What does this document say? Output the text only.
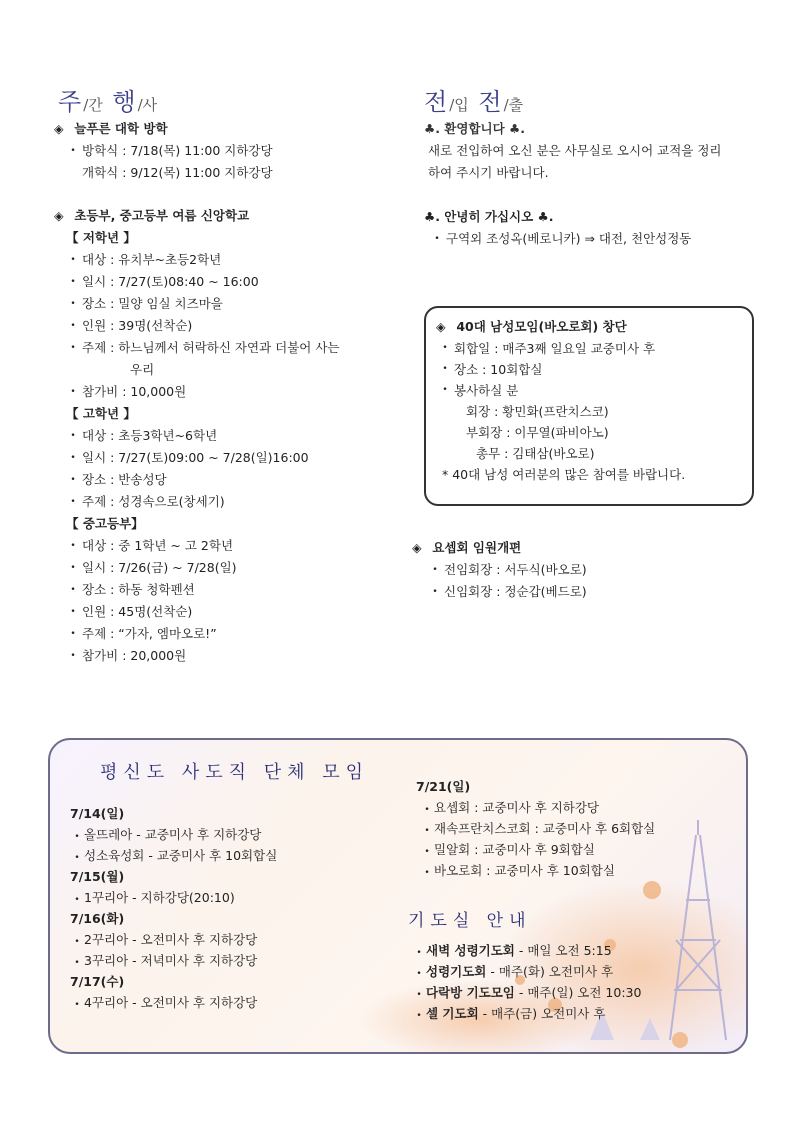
주/간 행/사
◈ 늘푸른 대학 방학
• 방학식 : 7/18(목) 11:00 지하강당
개학식 : 9/12(목) 11:00 지하강당
◈ 초등부, 중고등부 여름 신앙학교
【 저학년 】
• 대상 : 유치부~초등2학년
• 일시 : 7/27(토)08:40 ~ 16:00
• 장소 : 밀양 임실 치즈마을
• 인원 : 39명(선착순)
• 주제 : 하느님께서 허락하신 자연과 더불어 사는
우리
• 참가비 : 10,000원
【 고학년 】
• 대상 : 초등3학년~6학년
• 일시 : 7/27(토)09:00 ~ 7/28(일)16:00
• 장소 : 반송성당
• 주제 : 성경속으로(창세기)
【 중고등부】
• 대상 : 중 1학년 ~ 고 2학년
• 일시 : 7/26(금) ~ 7/28(일)
• 장소 : 하동 청학펜션
• 인원 : 45명(선착순)
• 주제 : “가자, 엠마오로!”
• 참가비 : 20,000원
전/입 전/출
♣. 환영합니다 ♣.
새로 전입하여 오신 분은 사무실로 오시어 교적을 정리
하여 주시기 바랍니다.
♣. 안녕히 가십시오 ♣.
• 구역외 조성옥(베로니카) ⇒ 대전, 천안성정동
◈ 40대 남성모임(바오로회) 창단
• 회합일 : 매주3째 일요일 교중미사 후
• 장소 : 10회합실
• 봉사하실 분
회장 : 황민화(프란치스코)
부회장 : 이무열(파비아노)
총무 : 김태삼(바오로)
* 40대 남성 여러분의 많은 참여를 바랍니다.
◈ 요셉회 임원개편
• 전임회장 : 서두식(바오로)
• 신임회장 : 정순갑(베드로)
평신도 사도직 단체 모임
7/14(일)
• 올뜨레아 - 교중미사 후 지하강당
• 성소육성회 - 교중미사 후 10회합실
7/15(월)
• 1꾸리아 - 지하강당(20:10)
7/16(화)
• 2꾸리아 - 오전미사 후 지하강당
• 3꾸리아 - 저녁미사 후 지하강당
7/17(수)
• 4꾸리아 - 오전미사 후 지하강당
7/21(일)
• 요셉회 : 교중미사 후 지하강당
• 재속프란치스코회 : 교중미사 후 6회합실
• 밀알회 : 교중미사 후 9회합실
• 바오로회 : 교중미사 후 10회합실
기도실 안내
• 새벽 성령기도회 - 매일 오전 5:15
• 성령기도회 - 매주(화) 오전미사 후
• 다락방 기도모임 - 매주(일) 오전 10:30
• 셀 기도회 - 매주(금) 오전미사 후
